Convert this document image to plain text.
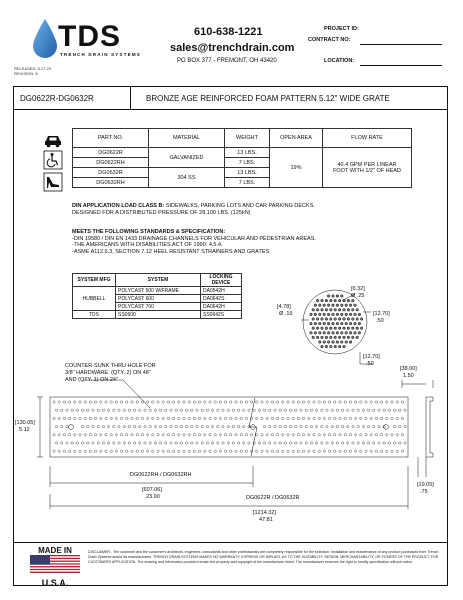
TDS
TRENCH DRAIN SYSTEMS
RELEASED: 8.17.23
REVISION: 8
610-638-1221
sales@trenchdrain.com
PO BOX 377 - FREMONT, OH 43420
PROJECT ID:
CONTRACT NO:
LOCATION:
DG0622R-DG0632R	BRONZE AGE REINFORCED FOAM PATTERN 5.12" WIDE GRATE
PART NO.	MATERIAL	WEIGHT	OPEN AREA	FLOW RATE
DG0622R	GALVANIZED	13 LBS.	19%	40.4 GPM PER LINEAR
FOOT WITH 1/2" OF HEAD

DG0622RH		7 LBS.		
DG0632R	304 SS	13 LBS.		
DG0632RH		7 LBS.		
DIN APPLICATION LOAD CLASS B: SIDEWALKS, PARKING LOTS AND CAR PARKING DECKS.
DESIGNED FOR A DISTRIBUTED PRESSURE OF 28,100 LBS. (125kN)
MEETS THE FOLLOWING STANDARDS & SPECIFICATION:
-DIN 19580 / DIN EN 1433 DRAINAGE CHANNELS FOR VEHICULAR AND PEDESTRIAN AREAS.
-THE AMERICANS WITH DISABILITIES ACT OF 1990: 4.5.4.
-ASME A112.6.3, SECTION 7.12 HEEL RESISTANT STRAINERS AND GRATES.
SYSTEM MFG	SYSTEM	LOCKING
DEVICE

HUBBELL	POLYCAST 500 W/FRAME	DA0542H
	POLYCAST 600	DA0642S
	POLYCAST 700	DA0642H
TDS	SS0600	SS0642S
[6.32]
Ø .25
[4.78]
Ø .19	[12.70]
.50
[12.70]
.50
[38.00]
1.50
COUNTER-SUNK THRU HOLE FOR
3/8" HARDWARE. (QTY. 2) ON 48"
AND (QTY. 1) ON 24"
[130.05]
5.12
DG0622RH / DG0632RH
[607.06]
23.90	DG0622R / DG0632R
[1214.32]
47.81
[19.05]
.75
MADE IN
U.S.A.
DISCLAIMER - The customer and the customer's architects, engineers, consultants and other professionals are completely responsible for the selection, installation and maintenance of any product purchased from Trench Drain Systems and/or its manufacturers. TRENCH DRAIN SYSTEMS MAKES NO WARRANTY, EXPRESS OR IMPLIED, AS TO THE SUITABILITY, DESIGN, MERCHANTABILITY, OR FITNESS OF THE PRODUCT FOR CUSTOMERS APPLICATION. The drawing and information provided remain the property and copyright of the manufacturer listed. The manufacturer reserves the right to modify specification without notice.
